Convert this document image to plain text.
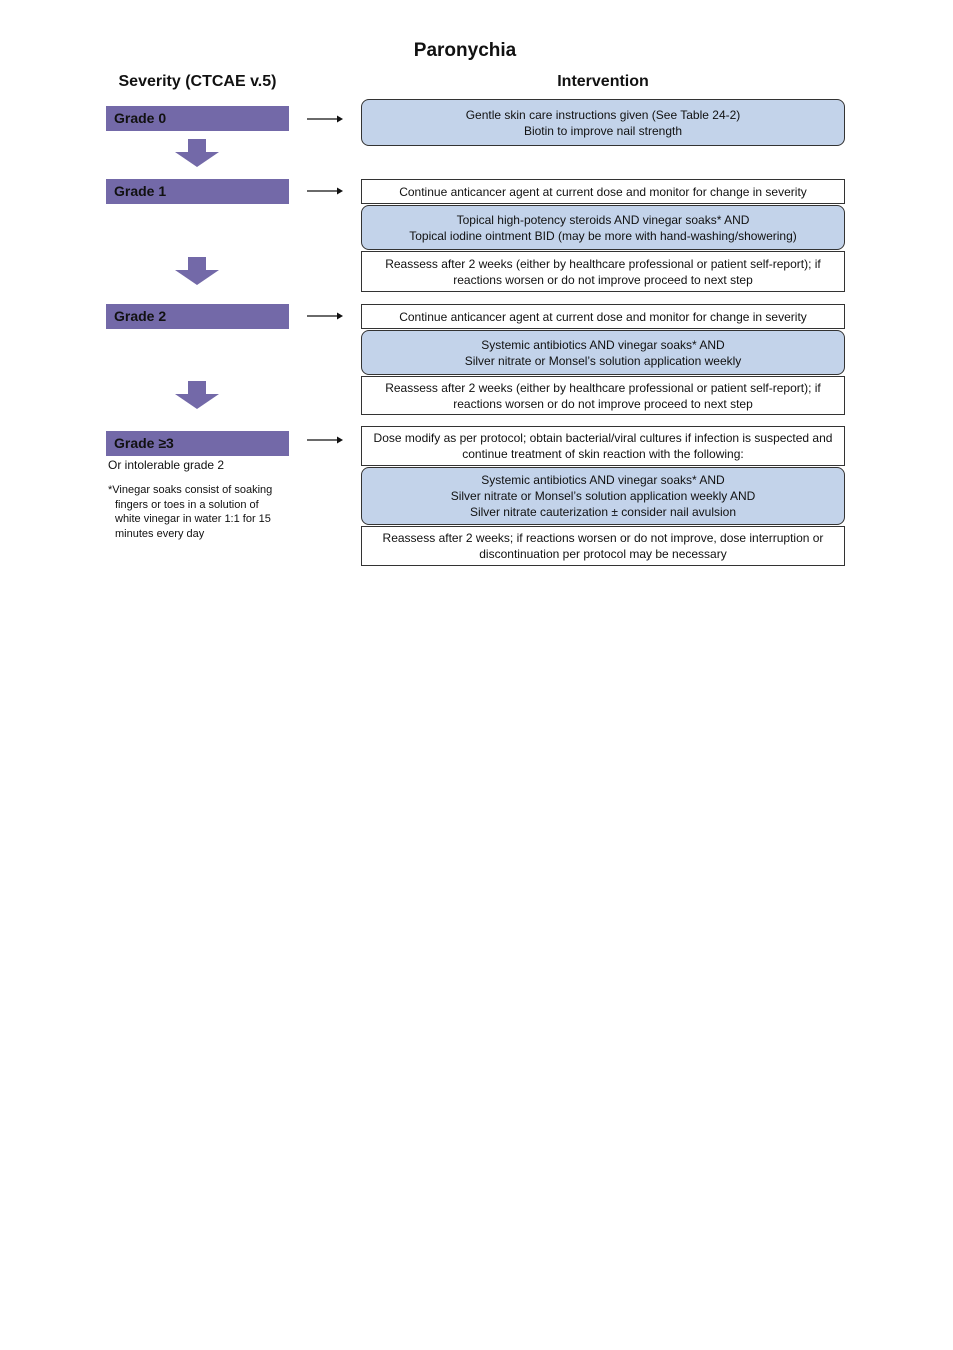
Paronychia
Severity (CTCAE v.5)	Intervention
Grade 0	Gentle skin care instructions given (See Table 24-2)
Biotin to improve nail strength
Grade 1	Continue anticancer agent at current dose and monitor for change in severity
Topical high-potency steroids AND vinegar soaks* AND
Topical iodine ointment BID (may be more with hand-washing/showering)
Reassess after 2 weeks (either by healthcare professional or patient self-report); if
reactions worsen or do not improve proceed to next step
Grade 2	Continue anticancer agent at current dose and monitor for change in severity
Systemic antibiotics AND vinegar soaks* AND
Silver nitrate or Monsel’s solution application weekly
Reassess after 2 weeks (either by healthcare professional or patient self-report); if
reactions worsen or do not improve proceed to next step
Grade ≥3
Or intolerable grade 2
Dose modify as per protocol; obtain bacterial/viral cultures if infection is suspected and
continue treatment of skin reaction with the following:
Systemic antibiotics AND vinegar soaks* AND
Silver nitrate or Monsel’s solution application weekly AND
Silver nitrate cauterization ± consider nail avulsion
Reassess after 2 weeks; if reactions worsen or do not improve, dose interruption or
discontinuation per protocol may be necessary
*Vinegar soaks consist of soaking
fingers or toes in a solution of
white vinegar in water 1:1 for 15
minutes every day
